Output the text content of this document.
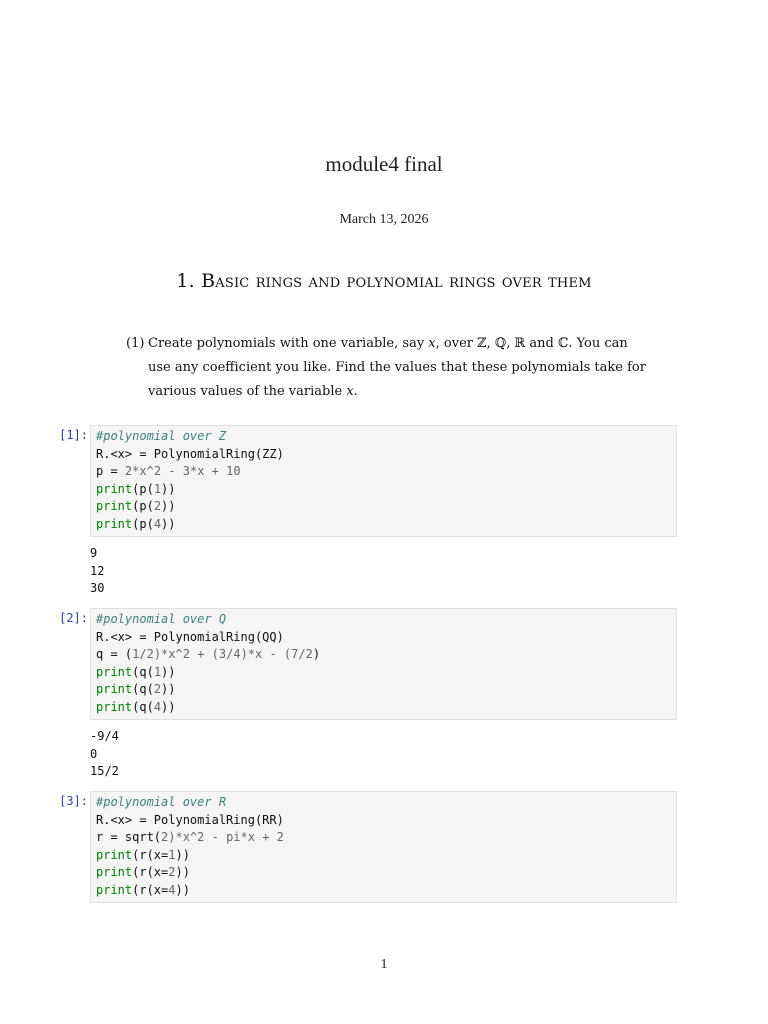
module4 final
March 13, 2026
1. Basic rings and polynomial rings over them
(1) Create polynomials with one variable, say x, over ℤ, ℚ, ℝ and ℂ. You can use any coefficient you like. Find the values that these polynomials take for various values of the variable x.
[1]: #polynomial over Z
R.<x> = PolynomialRing(ZZ)
p = 2*x^2 - 3*x + 10
print(p(1))
print(p(2))
print(p(4))
9
12
30
[2]: #polynomial over Q
R.<x> = PolynomialRing(QQ)
q = (1/2)*x^2 + (3/4)*x - (7/2)
print(q(1))
print(q(2))
print(q(4))
-9/4
0
15/2
[3]: #polynomial over R
R.<x> = PolynomialRing(RR)
r = sqrt(2)*x^2 - pi*x + 2
print(r(x=1))
print(r(x=2))
print(r(x=4))
1
